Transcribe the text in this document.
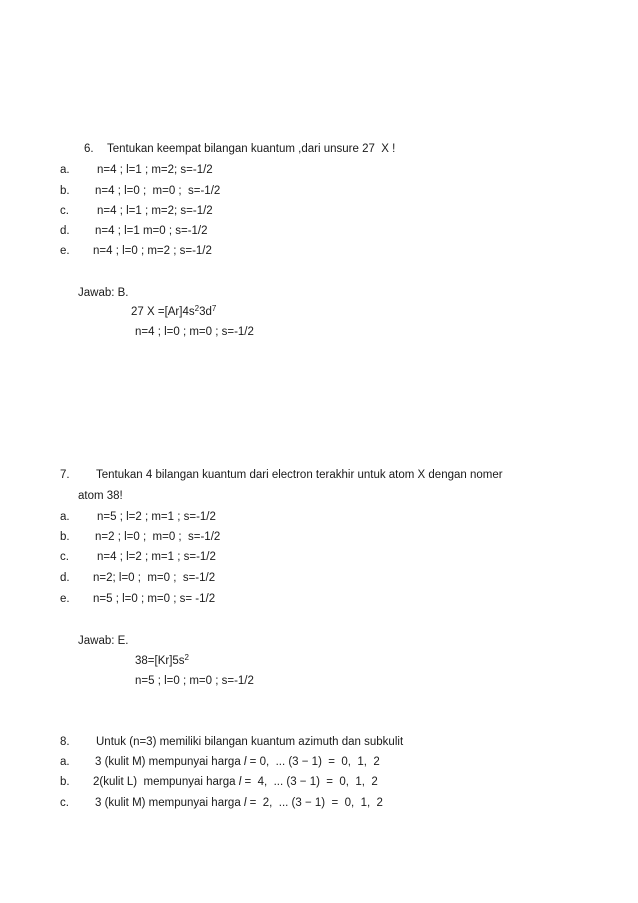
6. Tentukan keempat bilangan kuantum ,dari unsure 27  X !
a. n=4 ; l=1 ; m=2; s=-1/2
b. n=4 ; l=0 ;  m=0 ;  s=-1/2
c. n=4 ; l=1 ; m=2; s=-1/2
d. n=4 ; l=1 m=0 ; s=-1/2
e. n=4 ; l=0 ; m=2 ; s=-1/2
Jawab: B.
27 $X =[Ar]4s^23d^7$
n=4 ; l=0 ; m=0 ; s=-1/2
7. Tentukan 4 bilangan kuantum dari electron terakhir untuk atom X dengan nomer
atom 38!
a. n=5 ; l=2 ; m=1 ; s=-1/2
b. n=2 ; l=0 ;  m=0 ;  s=-1/2
c. n=4 ; l=2 ; m=1 ; s=-1/2
d. n=2; l=0 ;  m=0 ;  s=-1/2
e. n=5 ; l=0 ; m=0 ; s= -1/2
Jawab: E.
$38=[Kr]5s^2$
n=5 ; l=0 ; m=0 ; s=-1/2
8. Untuk (n=3) memiliki bilangan kuantum azimuth dan subkulit
a. 3 (kulit M) mempunyai harga l = 0,  ... (3 − 1)  =  0,  1,  2
b. 2(kulit L)  mempunyai harga l =  4,  ... (3 − 1)  =  0,  1,  2
c. 3 (kulit M) mempunyai harga l =  2,  ... (3 − 1)  =  0,  1,  2
